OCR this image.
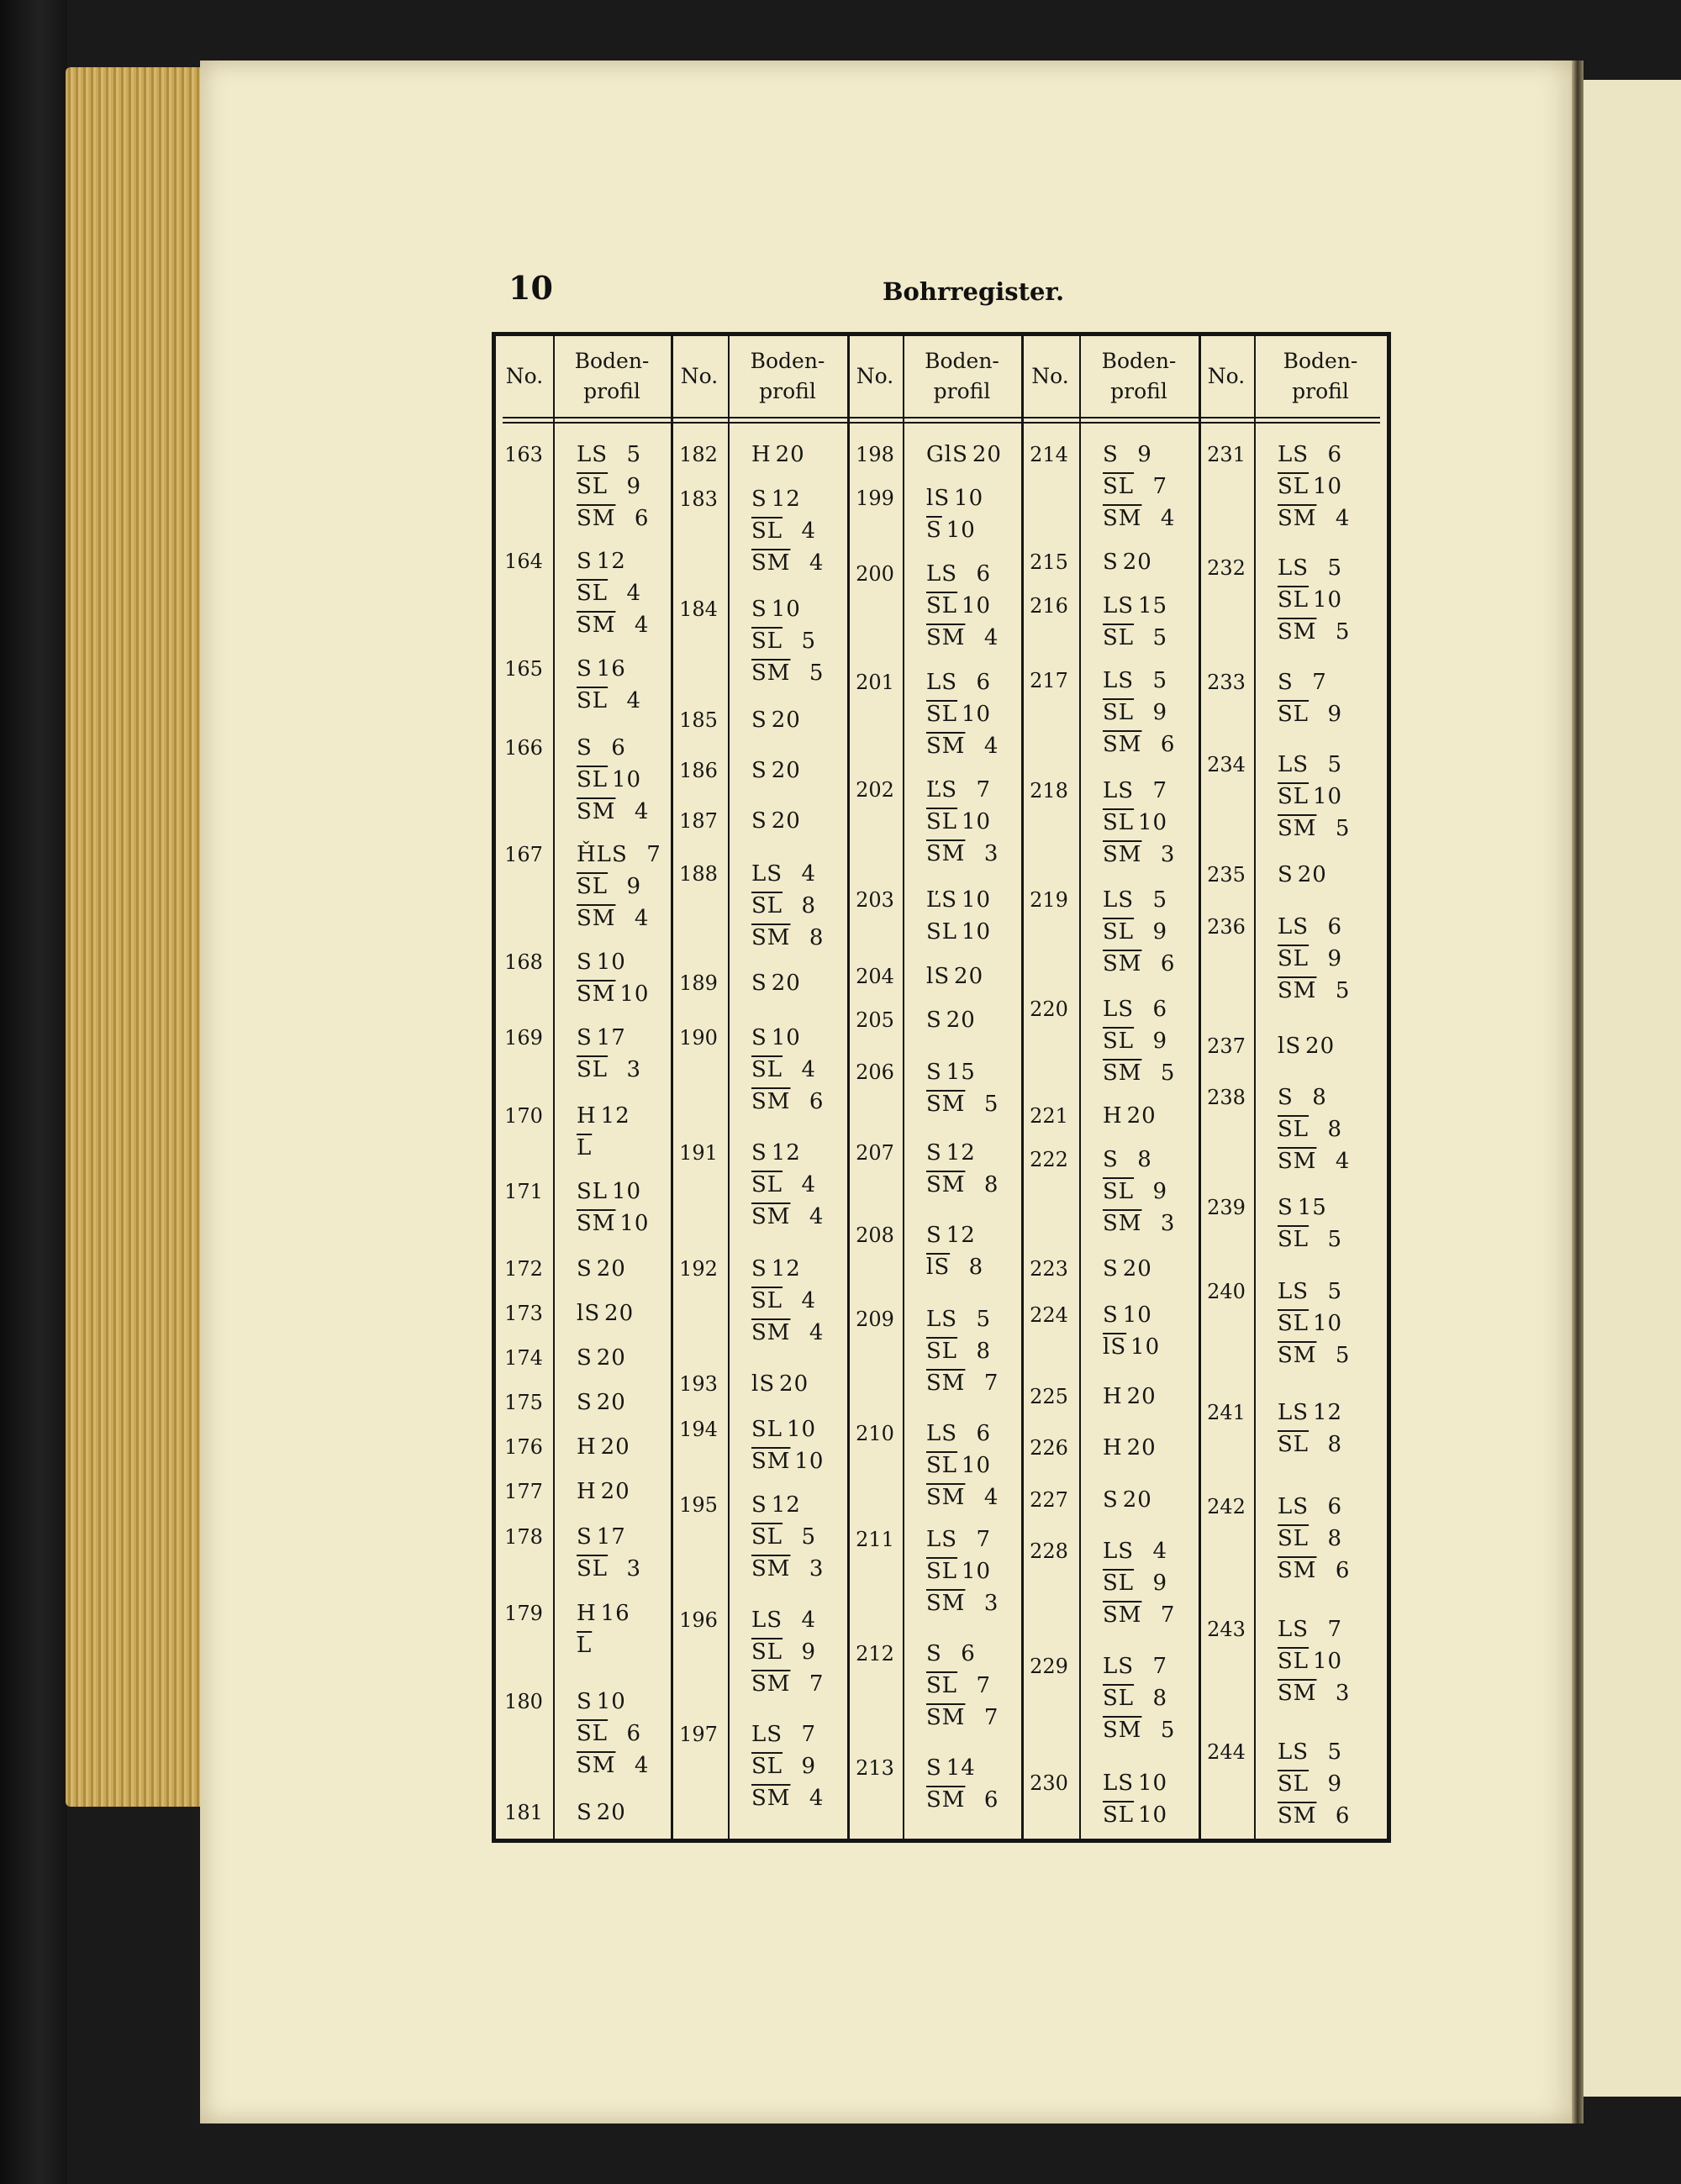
10	Bohrregister.
No.
Boden-
profil
163	LS 5
$\overline{SL}$ 9
$\overline{SM}$ 6
164	S 12
$\overline{SL}$ 4
$\overline{SM}$ 4
165	S 16
$\overline{SL}$ 4
166	S 6
$\overline{SL}$ 10
$\overline{SM}$ 4
167	ȞLS 7
$\overline{SL}$ 9
$\overline{SM}$ 4
168	S 10
$\overline{SM}$ 10
169	S 17
$\overline{SL}$ 3
170	H 12
$\overline{L}$
171	SL 10
$\overline{SM}$ 10
172	S 20
173	lS 20
174	S 20
175	S 20
176	H 20
177	H 20
178	S 17
$\overline{SL}$ 3
179	H 16
$\overline{L}$
180	S 10
$\overline{SL}$ 6
$\overline{SM}$ 4
181	S 20
No.
Boden-
profil
182	H 20
183	S 12
$\overline{SL}$ 4
$\overline{SM}$ 4
184	S 10
$\overline{SL}$ 5
$\overline{SM}$ 5
185	S 20
186	S 20
187	S 20
188	LS 4
$\overline{SL}$ 8
$\overline{SM}$ 8
189	S 20
190	S 10
$\overline{SL}$ 4
$\overline{SM}$ 6
191	S 12
$\overline{SL}$ 4
$\overline{SM}$ 4
192	S 12
$\overline{SL}$ 4
$\overline{SM}$ 4
193	lS 20
194	SL 10
$\overline{SM}$ 10
195	S 12
$\overline{SL}$ 5
$\overline{SM}$ 3
196	LS 4
$\overline{SL}$ 9
$\overline{SM}$ 7
197	LS 7
$\overline{SL}$ 9
$\overline{SM}$ 4
No.
Boden-
profil
198	GlS 20
199	lS 10
$\overline{S}$ 10
200	LS 6
$\overline{SL}$ 10
$\overline{SM}$ 4
201	LS 6
$\overline{SL}$ 10
$\overline{SM}$ 4
202	ĽS 7
$\overline{SL}$ 10
$\overline{SM}$ 3
203	ĽS 10
SL 10
204	lS 20
205	S 20
206	S 15
$\overline{SM}$ 5
207	S 12
$\overline{SM}$ 8
208	S 12
$\overline{lS}$ 8
209	LS 5
$\overline{SL}$ 8
$\overline{SM}$ 7
210	LS 6
$\overline{SL}$ 10
$\overline{SM}$ 4
211	LS 7
$\overline{SL}$ 10
$\overline{SM}$ 3
212	S 6
$\overline{SL}$ 7
$\overline{SM}$ 7
213	S 14
$\overline{SM}$ 6
No.
Boden-
profil
214	S 9
$\overline{SL}$ 7
$\overline{SM}$ 4
215	S 20
216	LS 15
$\overline{SL}$ 5
217	LS 5
$\overline{SL}$ 9
$\overline{SM}$ 6
218	LS 7
$\overline{SL}$ 10
$\overline{SM}$ 3
219	LS 5
$\overline{SL}$ 9
$\overline{SM}$ 6
220	LS 6
$\overline{SL}$ 9
$\overline{SM}$ 5
221	H 20
222	S 8
$\overline{SL}$ 9
$\overline{SM}$ 3
223	S 20
224	S 10
$\overline{lS}$ 10
225	H 20
226	H 20
227	S 20
228	LS 4
$\overline{SL}$ 9
$\overline{SM}$ 7
229	LS 7
$\overline{SL}$ 8
$\overline{SM}$ 5
230	LS 10
$\overline{SL}$ 10
No.
Boden-
profil
231	LS 6
$\overline{SL}$ 10
$\overline{SM}$ 4
232	LS 5
$\overline{SL}$ 10
$\overline{SM}$ 5
233	S 7
$\overline{SL}$ 9
234	LS 5
$\overline{SL}$ 10
$\overline{SM}$ 5
235	S 20
236	LS 6
$\overline{SL}$ 9
$\overline{SM}$ 5
237	lS 20
238	S 8
$\overline{SL}$ 8
$\overline{SM}$ 4
239	S 15
$\overline{SL}$ 5
240	LS 5
$\overline{SL}$ 10
$\overline{SM}$ 5
241	LS 12
$\overline{SL}$ 8
242	LS 6
$\overline{SL}$ 8
$\overline{SM}$ 6
243	LS 7
$\overline{SL}$ 10
$\overline{SM}$ 3
244	LS 5
$\overline{SL}$ 9
$\overline{SM}$ 6
